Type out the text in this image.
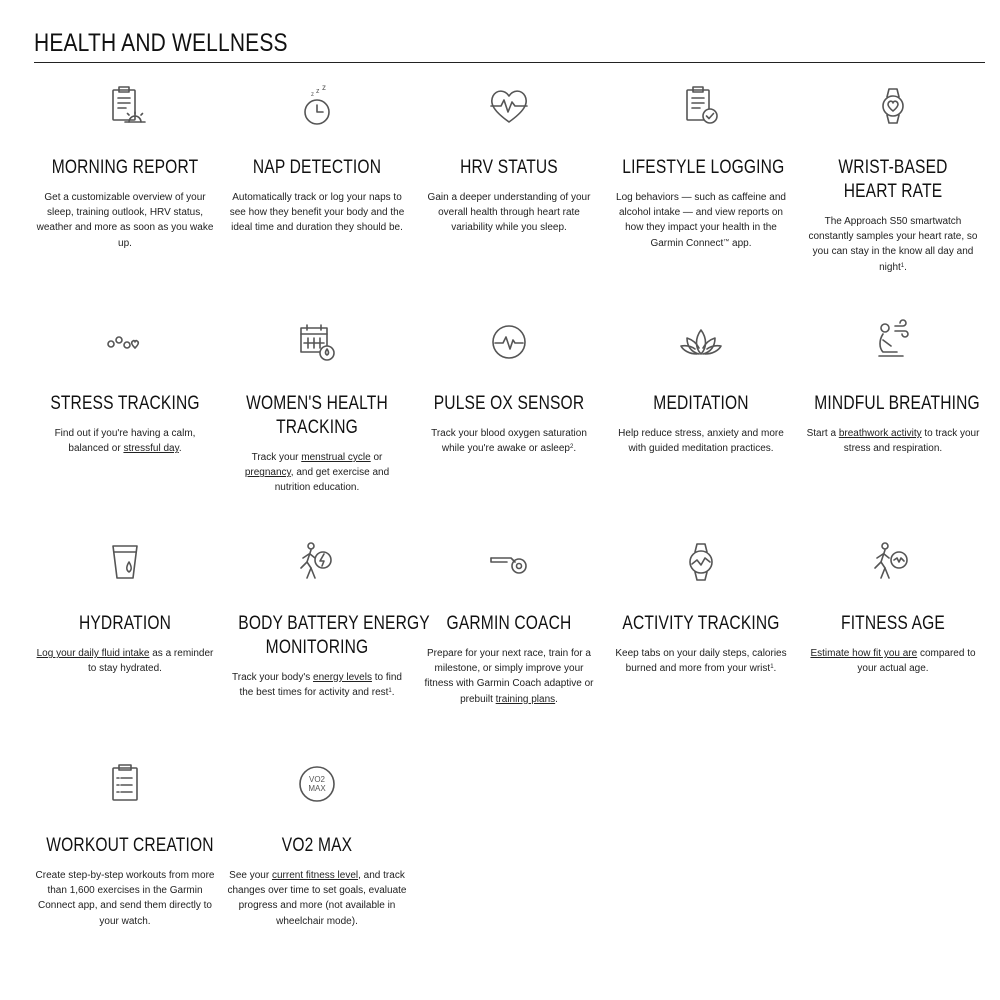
HEALTH AND WELLNESS
MORNING REPORT
Get a customizable overview of your sleep, training outlook, HRV status, weather and more as soon as you wake up.
z z z
NAP DETECTION
Automatically track or log your naps to see how they benefit your body and the ideal time and duration they should be.
HRV STATUS
Gain a deeper understanding of your overall health through heart rate variability while you sleep.
LIFESTYLE LOGGING
Log behaviors — such as caffeine and alcohol intake — and view reports on how they impact your health in the Garmin Connect™ app.
WRIST-BASED
HEART RATE
The Approach S50 smartwatch constantly samples your heart rate, so you can stay in the know all day and night$^1$.
STRESS TRACKING
Find out if you're having a calm, balanced or stressful day.
WOMEN'S HEALTH
TRACKING
Track your menstrual cycle or pregnancy, and get exercise and nutrition education.
PULSE OX SENSOR
Track your blood oxygen saturation while you're awake or asleep$^2$.
MEDITATION
Help reduce stress, anxiety and more with guided meditation practices.
MINDFUL BREATHING
Start a breathwork activity to track your stress and respiration.
HYDRATION
Log your daily fluid intake as a reminder to stay hydrated.
BODY BATTERY ENERGY
MONITORING
Track your body's energy levels to find the best times for activity and rest$^1$.
GARMIN COACH
Prepare for your next race, train for a milestone, or simply improve your fitness with Garmin Coach adaptive or prebuilt training plans.
ACTIVITY TRACKING
Keep tabs on your daily steps, calories burned and more from your wrist$^1$.
FITNESS AGE
Estimate how fit you are compared to your actual age.
WORKOUT CREATION
Create step-by-step workouts from more than 1,600 exercises in the Garmin Connect app, and send them directly to your watch.
VO2
MAX
VO2 MAX
See your current fitness level, and track changes over time to set goals, evaluate progress and more (not available in wheelchair mode).
